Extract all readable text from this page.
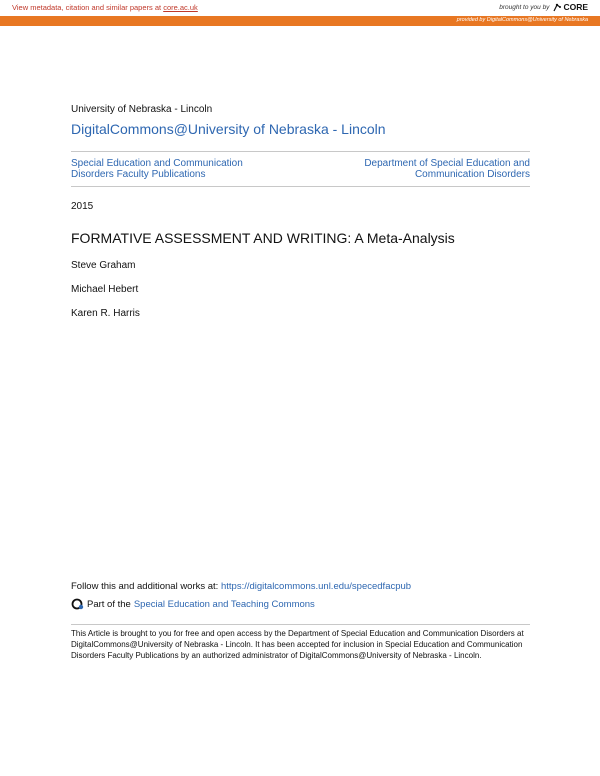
View metadata, citation and similar papers at core.ac.uk	brought to you by CORE
provided by DigitalCommons@University of Nebraska
University of Nebraska - Lincoln
DigitalCommons@University of Nebraska - Lincoln
Special Education and Communication Disorders Faculty Publications
Department of Special Education and Communication Disorders
2015
FORMATIVE ASSESSMENT AND WRITING: A Meta-Analysis
Steve Graham
Michael Hebert
Karen R. Harris
Follow this and additional works at: https://digitalcommons.unl.edu/specedfacpub
Part of the Special Education and Teaching Commons
This Article is brought to you for free and open access by the Department of Special Education and Communication Disorders at DigitalCommons@University of Nebraska - Lincoln. It has been accepted for inclusion in Special Education and Communication Disorders Faculty Publications by an authorized administrator of DigitalCommons@University of Nebraska - Lincoln.
